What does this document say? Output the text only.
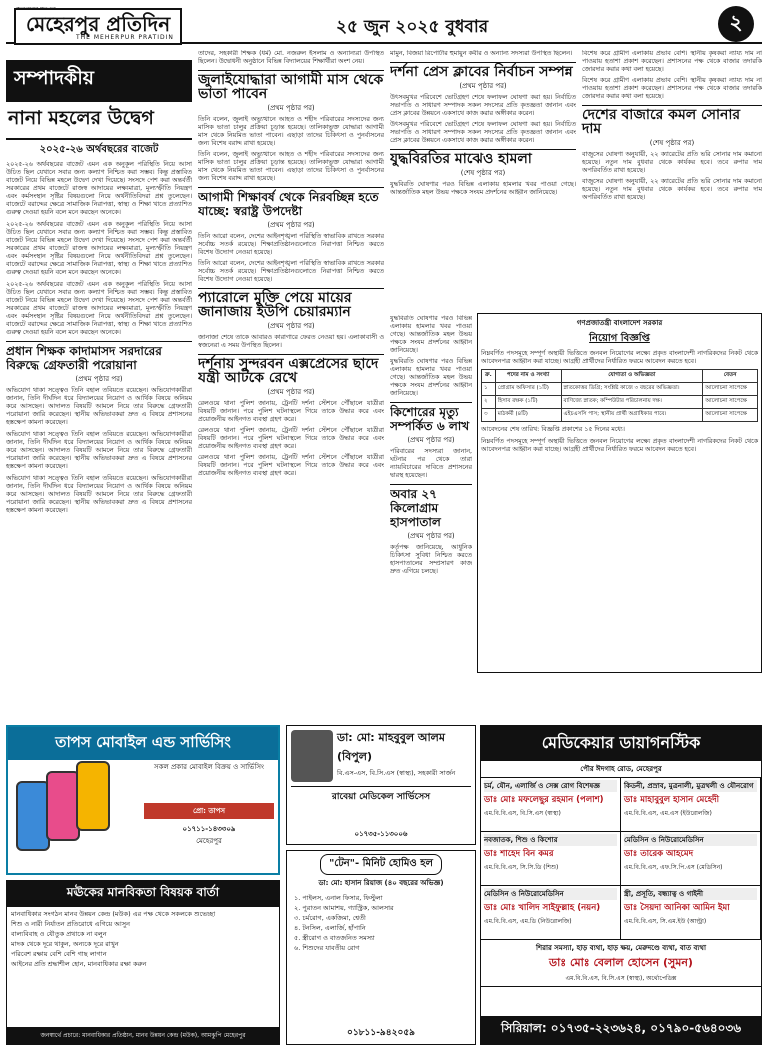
মেহেরপুর প্রতিদিন
THE MEHERPUR PRATIDIN
২৫ জুন ২০২৫ বুধবার	২
সম্পাদকীয়
নানা মহলের উদ্বেগ
২০২৫-২৬ অর্থবছরের বাজেট
২০২৫-২৬ অর্থবছরের বাজেট এমন এক অনুকূল পরিস্থিতি নিয়ে আসা উচিত ছিল যেখানে সবার জন্য কল্যাণ নিশ্চিত করা সম্ভব। কিন্তু প্রস্তাবিত বাজেট নিয়ে বিভিন্ন মহলে উদ্বেগ দেখা দিয়েছে। সংসদে পেশ করা অন্তর্বর্তী সরকারের প্রথম বাজেটে রাজস্ব আদায়ের লক্ষ্যমাত্রা, মূল্যস্ফীতি নিয়ন্ত্রণ এবং কর্মসংস্থান সৃষ্টির বিষয়গুলো নিয়ে অর্থনীতিবিদরা প্রশ্ন তুলেছেন। বাজেটে বরাদ্দের ক্ষেত্রে সামাজিক নিরাপত্তা, স্বাস্থ্য ও শিক্ষা খাতে প্রত্যাশিত গুরুত্ব দেওয়া হয়নি বলে মনে করছেন অনেকে।
২০২৫-২৬ অর্থবছরের বাজেট এমন এক অনুকূল পরিস্থিতি নিয়ে আসা উচিত ছিল যেখানে সবার জন্য কল্যাণ নিশ্চিত করা সম্ভব। কিন্তু প্রস্তাবিত বাজেট নিয়ে বিভিন্ন মহলে উদ্বেগ দেখা দিয়েছে। সংসদে পেশ করা অন্তর্বর্তী সরকারের প্রথম বাজেটে রাজস্ব আদায়ের লক্ষ্যমাত্রা, মূল্যস্ফীতি নিয়ন্ত্রণ এবং কর্মসংস্থান সৃষ্টির বিষয়গুলো নিয়ে অর্থনীতিবিদরা প্রশ্ন তুলেছেন। বাজেটে বরাদ্দের ক্ষেত্রে সামাজিক নিরাপত্তা, স্বাস্থ্য ও শিক্ষা খাতে প্রত্যাশিত গুরুত্ব দেওয়া হয়নি বলে মনে করছেন অনেকে।
২০২৫-২৬ অর্থবছরের বাজেট এমন এক অনুকূল পরিস্থিতি নিয়ে আসা উচিত ছিল যেখানে সবার জন্য কল্যাণ নিশ্চিত করা সম্ভব। কিন্তু প্রস্তাবিত বাজেট নিয়ে বিভিন্ন মহলে উদ্বেগ দেখা দিয়েছে। সংসদে পেশ করা অন্তর্বর্তী সরকারের প্রথম বাজেটে রাজস্ব আদায়ের লক্ষ্যমাত্রা, মূল্যস্ফীতি নিয়ন্ত্রণ এবং কর্মসংস্থান সৃষ্টির বিষয়গুলো নিয়ে অর্থনীতিবিদরা প্রশ্ন তুলেছেন। বাজেটে বরাদ্দের ক্ষেত্রে সামাজিক নিরাপত্তা, স্বাস্থ্য ও শিক্ষা খাতে প্রত্যাশিত গুরুত্ব দেওয়া হয়নি বলে মনে করছেন অনেকে।
প্রধান শিক্ষক কাদামাসদ সরদারের বিরুদ্ধে গ্রেফতারী পরোয়ানা
(প্রথম পৃষ্ঠার পর)
অভিযোগ থাকা সত্ত্বেও তিনি বহাল তবিয়তে রয়েছেন। অভিযোগকারীরা জানান, তিনি দীর্ঘদিন ধরে বিদ্যালয়ের নিয়োগ ও আর্থিক বিষয়ে অনিয়ম করে আসছেন। আদালত বিষয়টি আমলে নিয়ে তার বিরুদ্ধে গ্রেফতারী পরোয়ানা জারি করেছেন। স্থানীয় অভিভাবকরা দ্রুত এ বিষয়ে প্রশাসনের হস্তক্ষেপ কামনা করেছেন।
অভিযোগ থাকা সত্ত্বেও তিনি বহাল তবিয়তে রয়েছেন। অভিযোগকারীরা জানান, তিনি দীর্ঘদিন ধরে বিদ্যালয়ের নিয়োগ ও আর্থিক বিষয়ে অনিয়ম করে আসছেন। আদালত বিষয়টি আমলে নিয়ে তার বিরুদ্ধে গ্রেফতারী পরোয়ানা জারি করেছেন। স্থানীয় অভিভাবকরা দ্রুত এ বিষয়ে প্রশাসনের হস্তক্ষেপ কামনা করেছেন।
অভিযোগ থাকা সত্ত্বেও তিনি বহাল তবিয়তে রয়েছেন। অভিযোগকারীরা জানান, তিনি দীর্ঘদিন ধরে বিদ্যালয়ের নিয়োগ ও আর্থিক বিষয়ে অনিয়ম করে আসছেন। আদালত বিষয়টি আমলে নিয়ে তার বিরুদ্ধে গ্রেফতারী পরোয়ানা জারি করেছেন। স্থানীয় অভিভাবকরা দ্রুত এ বিষয়ে প্রশাসনের হস্তক্ষেপ কামনা করেছেন।
তাদের, সহকারী শিক্ষক (ধর্ম) মো. নজরুল ইসলাম ও অন্যান্যরা উপস্থিত ছিলেন। উদ্বোধনী অনুষ্ঠানে বিভিন্ন বিদ্যালয়ের শিক্ষার্থীরা অংশ নেয়।
জুলাইযোদ্ধারা আগামী মাস থেকে ভাতা পাবেন
(প্রথম পৃষ্ঠার পর)
তিনি বলেন, জুলাই অভ্যুত্থানে আহত ও শহীদ পরিবারের সদস্যদের জন্য মাসিক ভাতা চালুর প্রক্রিয়া চূড়ান্ত হয়েছে। তালিকাভুক্ত যোদ্ধারা আগামী মাস থেকে নিয়মিত ভাতা পাবেন। এছাড়া তাদের চিকিৎসা ও পুনর্বাসনের জন্য বিশেষ বরাদ্দ রাখা হয়েছে।
তিনি বলেন, জুলাই অভ্যুত্থানে আহত ও শহীদ পরিবারের সদস্যদের জন্য মাসিক ভাতা চালুর প্রক্রিয়া চূড়ান্ত হয়েছে। তালিকাভুক্ত যোদ্ধারা আগামী মাস থেকে নিয়মিত ভাতা পাবেন। এছাড়া তাদের চিকিৎসা ও পুনর্বাসনের জন্য বিশেষ বরাদ্দ রাখা হয়েছে।
আগামী শিক্ষাবর্ষ থেকে নিরবচ্ছিন্ন হতে যাচ্ছে: স্বরাষ্ট্র উপদেষ্টা
(প্রথম পৃষ্ঠার পর)
তিনি আরো বলেন, দেশের আইনশৃঙ্খলা পরিস্থিতি স্বাভাবিক রাখতে সরকার সর্বোচ্চ সতর্ক রয়েছে। শিক্ষাপ্রতিষ্ঠানগুলোতে নিরাপত্তা নিশ্চিত করতে বিশেষ উদ্যোগ নেওয়া হয়েছে।
তিনি আরো বলেন, দেশের আইনশৃঙ্খলা পরিস্থিতি স্বাভাবিক রাখতে সরকার সর্বোচ্চ সতর্ক রয়েছে। শিক্ষাপ্রতিষ্ঠানগুলোতে নিরাপত্তা নিশ্চিত করতে বিশেষ উদ্যোগ নেওয়া হয়েছে।
প্যারোলে মুক্তি পেয়ে মায়ের জানাজায় ইউপি চেয়ারম্যান
(প্রথম পৃষ্ঠার পর)
জানাজা শেষে তাকে আবারও কারাগারে ফেরত নেওয়া হয়। এলাকাবাসী ও স্বজনেরা এ সময় উপস্থিত ছিলেন।
দর্শনায় সুন্দরবন এক্সপ্রেসের ছাদে যন্ত্রী আটকে রেখে
(প্রথম পৃষ্ঠার পর)
রেলওয়ে থানা পুলিশ জানায়, ট্রেনটি দর্শনা স্টেশনে পৌঁছালে যাত্রীরা বিষয়টি জানান। পরে পুলিশ ঘটনাস্থলে গিয়ে তাকে উদ্ধার করে এবং প্রয়োজনীয় আইনগত ব্যবস্থা গ্রহণ করে।
রেলওয়ে থানা পুলিশ জানায়, ট্রেনটি দর্শনা স্টেশনে পৌঁছালে যাত্রীরা বিষয়টি জানান। পরে পুলিশ ঘটনাস্থলে গিয়ে তাকে উদ্ধার করে এবং প্রয়োজনীয় আইনগত ব্যবস্থা গ্রহণ করে।
রেলওয়ে থানা পুলিশ জানায়, ট্রেনটি দর্শনা স্টেশনে পৌঁছালে যাত্রীরা বিষয়টি জানান। পরে পুলিশ ঘটনাস্থলে গিয়ে তাকে উদ্ধার করে এবং প্রয়োজনীয় আইনগত ব্যবস্থা গ্রহণ করে।
মামুন, বিজয়া রিপোর্টার হুমায়ুন কবীর ও অন্যান্য সদস্যরা উপস্থিত ছিলেন।
দর্শনা প্রেস ক্লাবের নির্বাচন সম্পন্ন
(প্রথম পৃষ্ঠার পর)
উৎসবমুখর পরিবেশে ভোটগ্রহণ শেষে ফলাফল ঘোষণা করা হয়। নির্বাচিত সভাপতি ও সাধারণ সম্পাদক সকল সদস্যের প্রতি কৃতজ্ঞতা জানান এবং প্রেস ক্লাবের উন্নয়নে একসাথে কাজ করার অঙ্গীকার করেন।
উৎসবমুখর পরিবেশে ভোটগ্রহণ শেষে ফলাফল ঘোষণা করা হয়। নির্বাচিত সভাপতি ও সাধারণ সম্পাদক সকল সদস্যের প্রতি কৃতজ্ঞতা জানান এবং প্রেস ক্লাবের উন্নয়নে একসাথে কাজ করার অঙ্গীকার করেন।
যুদ্ধবিরতির মাঝেও হামলা
(শেষ পৃষ্ঠার পর)
যুদ্ধবিরতি ঘোষণার পরও বিভিন্ন এলাকায় হামলার খবর পাওয়া গেছে। আন্তর্জাতিক মহল উভয় পক্ষকে সংযম প্রদর্শনের আহ্বান জানিয়েছে।
বিশেষ করে গ্রামীণ এলাকায় প্রভাব বেশি। স্থানীয় কৃষকরা ন্যায্য দাম না পাওয়ায় হতাশা প্রকাশ করেছেন। প্রশাসনের পক্ষ থেকে বাজার তদারকি জোরদার করার কথা বলা হয়েছে।
বিশেষ করে গ্রামীণ এলাকায় প্রভাব বেশি। স্থানীয় কৃষকরা ন্যায্য দাম না পাওয়ায় হতাশা প্রকাশ করেছেন। প্রশাসনের পক্ষ থেকে বাজার তদারকি জোরদার করার কথা বলা হয়েছে।
দেশের বাজারে কমল সোনার দাম
(শেষ পৃষ্ঠার পর)
বাজুসের ঘোষণা অনুযায়ী, ২২ ক্যারেটের প্রতি ভরি সোনার দাম কমানো হয়েছে। নতুন দাম বুধবার থেকে কার্যকর হবে। তবে রুপার দাম অপরিবর্তিত রাখা হয়েছে।
বাজুসের ঘোষণা অনুযায়ী, ২২ ক্যারেটের প্রতি ভরি সোনার দাম কমানো হয়েছে। নতুন দাম বুধবার থেকে কার্যকর হবে। তবে রুপার দাম অপরিবর্তিত রাখা হয়েছে।
যুদ্ধবিরতি ঘোষণার পরও বিভিন্ন এলাকায় হামলার খবর পাওয়া গেছে। আন্তর্জাতিক মহল উভয় পক্ষকে সংযম প্রদর্শনের আহ্বান জানিয়েছে।
যুদ্ধবিরতি ঘোষণার পরও বিভিন্ন এলাকায় হামলার খবর পাওয়া গেছে। আন্তর্জাতিক মহল উভয় পক্ষকে সংযম প্রদর্শনের আহ্বান জানিয়েছে।
কিশোরের মৃত্যু সম্পর্কিত ৬ লাখ
(প্রথম পৃষ্ঠার পর)
পরিবারের সদস্যরা জানান, ঘটনার পর থেকে তারা ন্যায়বিচারের দাবিতে প্রশাসনের দ্বারস্থ হয়েছেন।
অবার ২৭ কিলোগ্রাম হাসপাতাল
(প্রথম পৃষ্ঠার পর)
কর্তৃপক্ষ জানিয়েছে, আধুনিক চিকিৎসা সুবিধা নিশ্চিত করতে হাসপাতালের সম্প্রসারণ কাজ দ্রুত এগিয়ে চলছে।
গণপ্রজাতন্ত্রী বাংলাদেশ সরকার
নিয়োগ বিজ্ঞপ্তি
নিম্নবর্ণিত পদসমূহে সম্পূর্ণ অস্থায়ী ভিত্তিতে জনবল নিয়োগের লক্ষ্যে প্রকৃত বাংলাদেশী নাগরিকদের নিকট থেকে আবেদনপত্র আহ্বান করা যাচ্ছে। আগ্রহী প্রার্থীদের নির্ধারিত ফরমে আবেদন করতে হবে।
ক্র.	পদের নাম ও সংখ্যা	যোগ্যতা ও অভিজ্ঞতা	বেতন
১	প্রোগ্রাম অফিসার (১টি)	স্নাতকোত্তর ডিগ্রি; সংশ্লিষ্ট কাজে ৩ বছরের অভিজ্ঞতা।	আলোচনা সাপেক্ষে
২	হিসাব রক্ষক (১টি)	বাণিজ্যে স্নাতক; কম্পিউটার পরিচালনায় দক্ষ।	আলোচনা সাপেক্ষে
৩	মাঠকর্মী (৪টি)	এইচএসসি পাস; স্থানীয় প্রার্থী অগ্রাধিকার পাবে।	আলোচনা সাপেক্ষে
আবেদনের শেষ তারিখ: বিজ্ঞপ্তি প্রকাশের ১৫ দিনের মধ্যে।
নিম্নবর্ণিত পদসমূহে সম্পূর্ণ অস্থায়ী ভিত্তিতে জনবল নিয়োগের লক্ষ্যে প্রকৃত বাংলাদেশী নাগরিকদের নিকট থেকে আবেদনপত্র আহ্বান করা যাচ্ছে। আগ্রহী প্রার্থীদের নির্ধারিত ফরমে আবেদন করতে হবে।
তাপস মোবাইল এন্ড সার্ভিসিং
সকল প্রকার মোবাইল বিক্রয় ও সার্ভিসিং
প্রো: তাপস
০১৭১১-১৪৩৩০৯
মেহেরপুর
ডা: মো: মাহবুবুল আলম (বিপুল)
বি.এস-এস, বি.সি.এস (স্বাস্থ্য), সহকারী সার্জন
রাবেয়া মেডিকেল সার্ভিসেস
০১৭৩৫-১১৩০০৬
"টেন"- মিনিট হোমিও হল
ডা: মো: হাসান রিয়াজ (৪০ বছরের অভিজ্ঞ)
১. পাইলস, এনাল ফিসার, ফিস্টুলা
২. পুরাতন আমাশয়, গ্যাস্ট্রিক, আলসার
৩. চর্মরোগ, একজিমা, শ্বেতী
৪. টনসিল, এলার্জি, হাঁপানি
৫. স্ত্রীরোগ ও বাতজনিত সমস্যা
৬. শিশুদের যাবতীয় রোগ
০১৮১১-৯৪২০৫৯
মঊকের মানবিকতা বিষয়ক বার্তা
মানবাধিকার সংগঠন মানব উন্নয়ন কেন্দ্র (মউক) এর পক্ষ থেকে সকলকে শুভেচ্ছা
শিশু ও নারী নির্যাতন প্রতিরোধে এগিয়ে আসুন
বাল্যবিবাহ ও যৌতুক প্রথাকে না বলুন
মাদক থেকে দূরে থাকুন, অন্যকে দূরে রাখুন
পরিবেশ রক্ষায় বেশি বেশি গাছ লাগান
আইনের প্রতি শ্রদ্ধাশীল হোন, মানবাধিকার রক্ষা করুন
জনস্বার্থে প্রচারে: মানবাধিকার প্রতিষ্ঠান, মানব উন্নয়ন কেন্দ্র (মউক), আমঝুপি মেহেরপুর
মেডিকেয়ার ডায়াগনস্টিক
পৌর ঈদগাহ রোড, মেহেরপুর
চর্ম, যৌন, এলার্জি ও সেক্স রোগ বিশেষজ্ঞ
ডাঃ মোঃ মফলেছুর রহমান (পলাশ)
এম.বি.বি.এস, বি.সি.এস (স্বাস্থ্য)
কিডনী, প্রস্রাব, মুত্রনালী, মুত্রথলী ও যৌনরোগ
ডাঃ মাহাবুবুল হাসান মেহেদী
এম.বি.বি.এস, এম.এস (ইউরোলজি)
নবজাতক, শিশু ও কিশোর
ডাঃ শাহেদ বিন কমর
এম.বি.বি.এস, সি.সি.ডি (শিশু)
মেডিসিন ও নিউরোমেডিসিন
ডাঃ তারেক আহমেদ
এম.বি.বি.এস, এফ.সি.পি.এস (মেডিসিন)
মেডিসিন ও নিউরোমেডিসিন
ডাঃ মোঃ খালিদ সাইফুল্লাহ (নয়ন)
এম.বি.বি.এস, এম.ডি (নিউরোলজি)
স্ত্রী, প্রসূতি, বন্ধ্যাত্ব ও গাইনী
ডাঃ সৈয়দা আনিকা আমিন ইমা
এম.বি.বি.এস, সি.এম.ইউ (আল্ট্রা)
শিরার সমস্যা, হাড় ব্যথা, হাড় ক্ষয়, মেরুদণ্ডে ব্যথা, বাত ব্যথা
ডাঃ মোঃ বেলাল হোসেন (সুমন)
এম.বি.বি.এস, বি.সি.এস (স্বাস্থ্য), অর্থোপেডিক্স
সিরিয়াল: ০১৭৩৫-২২৩৬২৪, ০১৭৯০-৫৬৪০৩৬
